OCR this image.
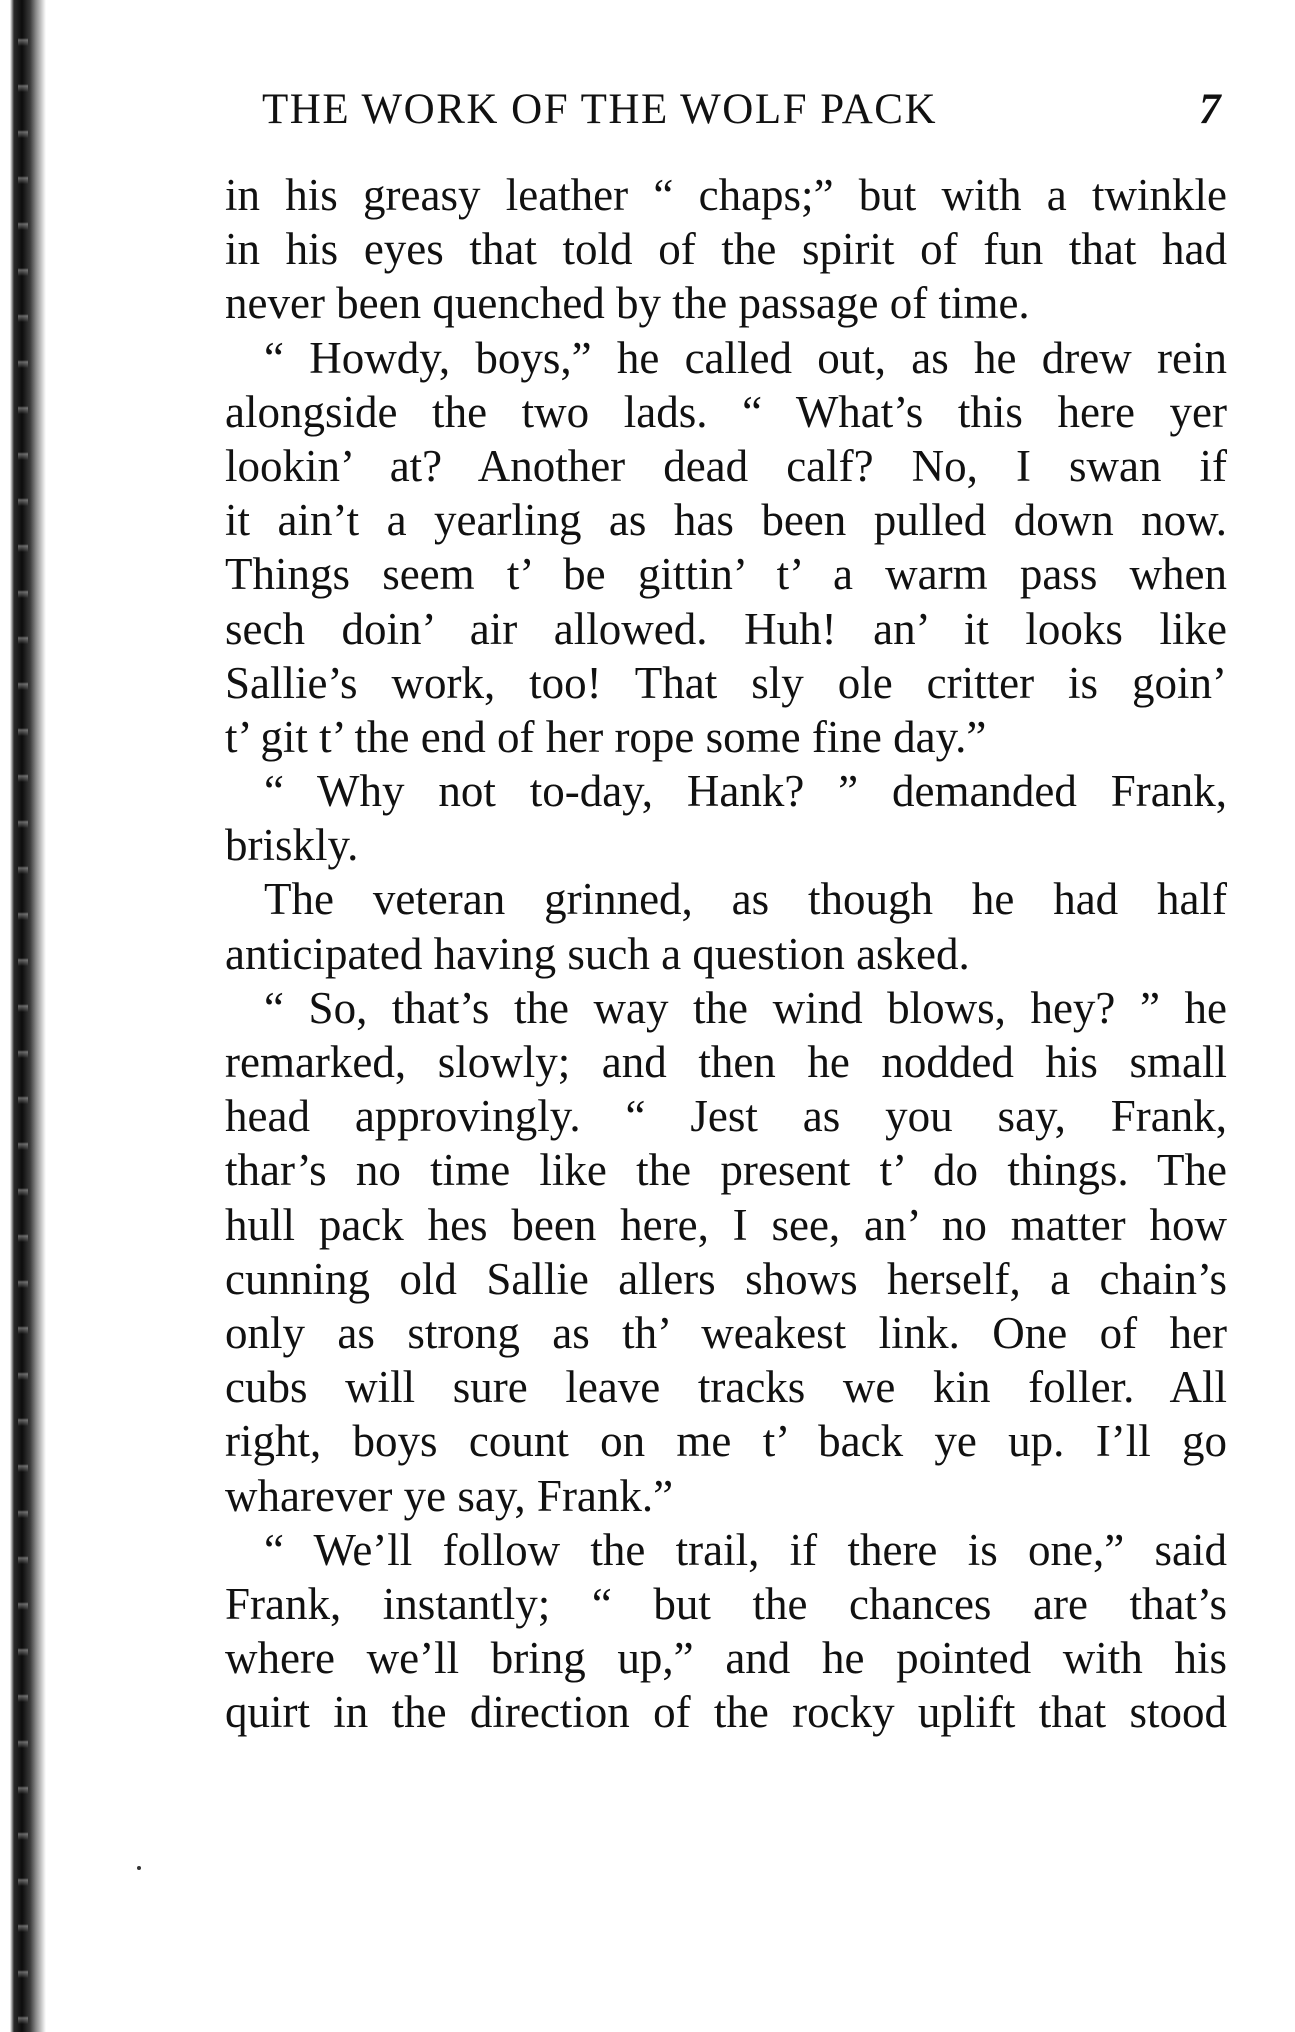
THE WORK OF THE WOLF PACK	7
in his greasy leather “ chaps;” but with a twinkle
in his eyes that told of the spirit of fun that had
never been quenched by the passage of time.
“ Howdy, boys,” he called out, as he drew rein
alongside the two lads. “ What’s this here yer
lookin’ at? Another dead calf? No, I swan if
it ain’t a yearling as has been pulled down now.
Things seem t’ be gittin’ t’ a warm pass when
sech doin’ air allowed. Huh! an’ it looks like
Sallie’s work, too! That sly ole critter is goin’
t’ git t’ the end of her rope some fine day.”
“ Why not to-day, Hank? ” demanded Frank,
briskly.
The veteran grinned, as though he had half
anticipated having such a question asked.
“ So, that’s the way the wind blows, hey? ” he
remarked, slowly; and then he nodded his small
head approvingly. “ Jest as you say, Frank,
thar’s no time like the present t’ do things. The
hull pack hes been here, I see, an’ no matter how
cunning old Sallie allers shows herself, a chain’s
only as strong as th’ weakest link. One of her
cubs will sure leave tracks we kin foller. All
right, boys count on me t’ back ye up. I’ll go
wharever ye say, Frank.”
“ We’ll follow the trail, if there is one,” said
Frank, instantly; “ but the chances are that’s
where we’ll bring up,” and he pointed with his
quirt in the direction of the rocky uplift that stood
